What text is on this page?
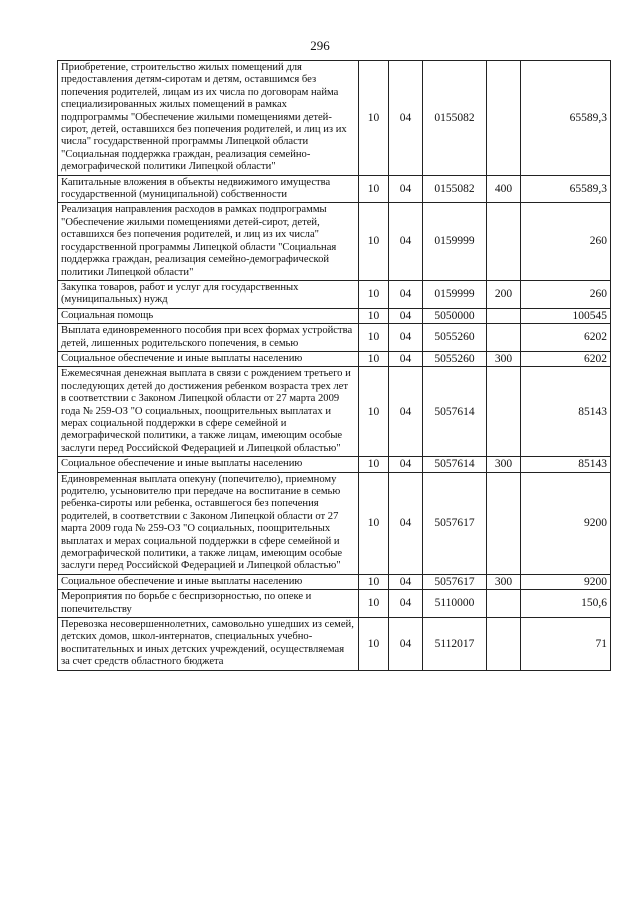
296
Приобретение, строительство жилых помещений для предоставления детям-сиротам и детям, оставшимся без попечения родителей, лицам из их числа по договорам найма специализированных жилых помещений в рамках подпрограммы "Обеспечение жилыми помещениями детей-сирот, детей, оставшихся без попечения родителей, и лиц из их числа" государственной программы Липецкой области "Социальная поддержка граждан, реализация семейно-демографической политики Липецкой области"	10	04	0155082		65589,3
Капитальные вложения в объекты недвижимого имущества государственной (муниципальной) собственности	10	04	0155082	400	65589,3
Реализация направления расходов в рамках подпрограммы "Обеспечение жилыми помещениями детей-сирот, детей, оставшихся без попечения родителей, и лиц из их числа" государственной программы Липецкой области "Социальная поддержка граждан, реализация семейно-демографической политики Липецкой области"	10	04	0159999		260
Закупка товаров, работ и услуг для государственных (муниципальных) нужд	10	04	0159999	200	260
Социальная помощь	10	04	5050000		100545
Выплата единовременного пособия при всех формах устройства детей, лишенных родительского попечения, в семью	10	04	5055260		6202
Социальное обеспечение и иные выплаты населению	10	04	5055260	300	6202
Ежемесячная денежная выплата в связи с рождением третьего и последующих детей до достижения ребенком возраста трех лет в соответствии с Законом Липецкой области от 27 марта 2009 года № 259-ОЗ "О социальных, поощрительных выплатах и мерах социальной поддержки в сфере семейной и демографической политики, а также лицам, имеющим особые заслуги перед Российской Федерацией и Липецкой областью"	10	04	5057614		85143
Социальное обеспечение и иные выплаты населению	10	04	5057614	300	85143
Единовременная выплата опекуну (попечителю), приемному родителю, усыновителю при передаче на воспитание в семью ребенка-сироты или ребенка, оставшегося без попечения родителей, в соответствии с Законом Липецкой области от 27 марта 2009 года № 259-ОЗ "О социальных, поощрительных выплатах и мерах социальной поддержки в сфере семейной и демографической политики, а также лицам, имеющим особые заслуги перед Российской Федерацией и Липецкой областью"	10	04	5057617		9200
Социальное обеспечение и иные выплаты населению	10	04	5057617	300	9200
Мероприятия по борьбе с беспризорностью, по опеке и попечительству	10	04	5110000		150,6
Перевозка несовершеннолетних, самовольно ушедших из семей, детских домов, школ-интернатов, специальных учебно-воспитательных и иных детских учреждений, осуществляемая за счет средств областного бюджета	10	04	5112017		71
